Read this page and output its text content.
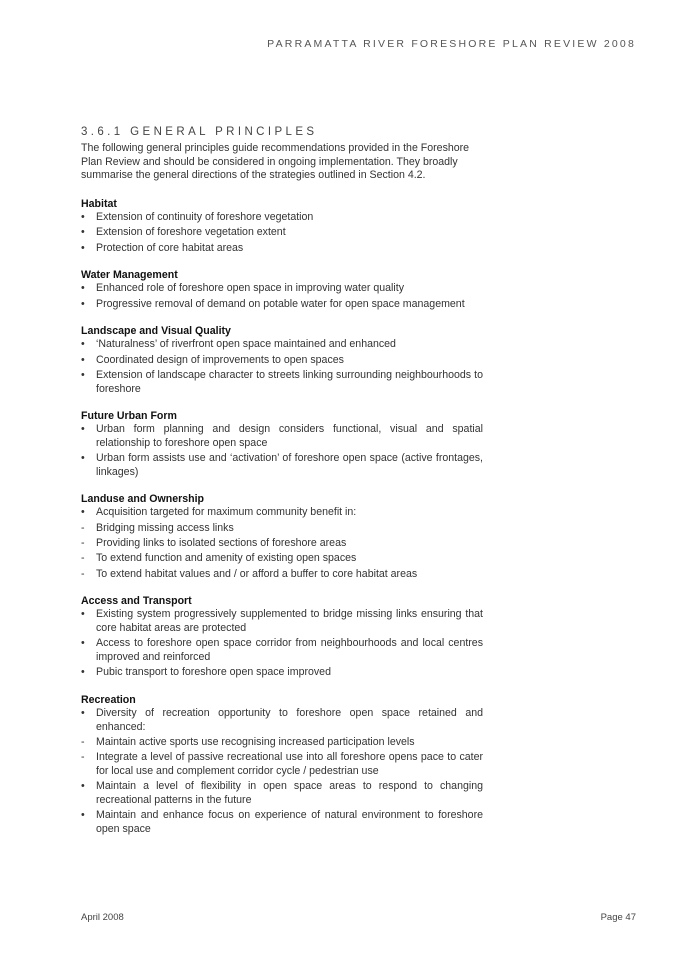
PARRAMATTA RIVER FORESHORE PLAN REVIEW 2008
3.6.1 GENERAL PRINCIPLES

The following general principles guide recommendations provided in the Foreshore Plan Review and should be considered in ongoing implementation. They broadly summarise the general directions of the strategies outlined in Section 4.2.

Habitat
•	Extension of continuity of foreshore vegetation
•	Extension of foreshore vegetation extent
•	Protection of core habitat areas
Water Management
•	Enhanced role of foreshore open space in improving water quality
•	Progressive removal of demand on potable water for open space management
Landscape and Visual Quality
•	‘Naturalness’ of riverfront open space maintained and enhanced
•	Coordinated design of improvements to open spaces
•	Extension of landscape character to streets linking surrounding neighbourhoods to foreshore
Future Urban Form
•	Urban form planning and design considers functional, visual and spatial relationship to foreshore open space
•	Urban form assists use and ‘activation’ of foreshore open space (active frontages, linkages)
Landuse and Ownership
•	Acquisition targeted for maximum community benefit in:
-	Bridging missing access links
-	Providing links to isolated sections of foreshore areas
-	To extend function and amenity of existing open spaces
-	To extend habitat values and / or afford a buffer to core habitat areas
Access and Transport
•	Existing system progressively supplemented to bridge missing links ensuring that core habitat areas are protected
•	Access to foreshore open space corridor from neighbourhoods and local centres improved and reinforced
•	Pubic transport to foreshore open space improved
Recreation
•	Diversity of recreation opportunity to foreshore open space retained and enhanced:
-	Maintain active sports use recognising increased participation levels
-	Integrate a level of passive recreational use into all foreshore opens pace to cater for local use and complement corridor cycle / pedestrian use
•	Maintain a level of flexibility in open space areas to respond to changing recreational patterns in the future
•	Maintain and enhance focus on experience of natural environment to foreshore open space
April 2008	Page 47
